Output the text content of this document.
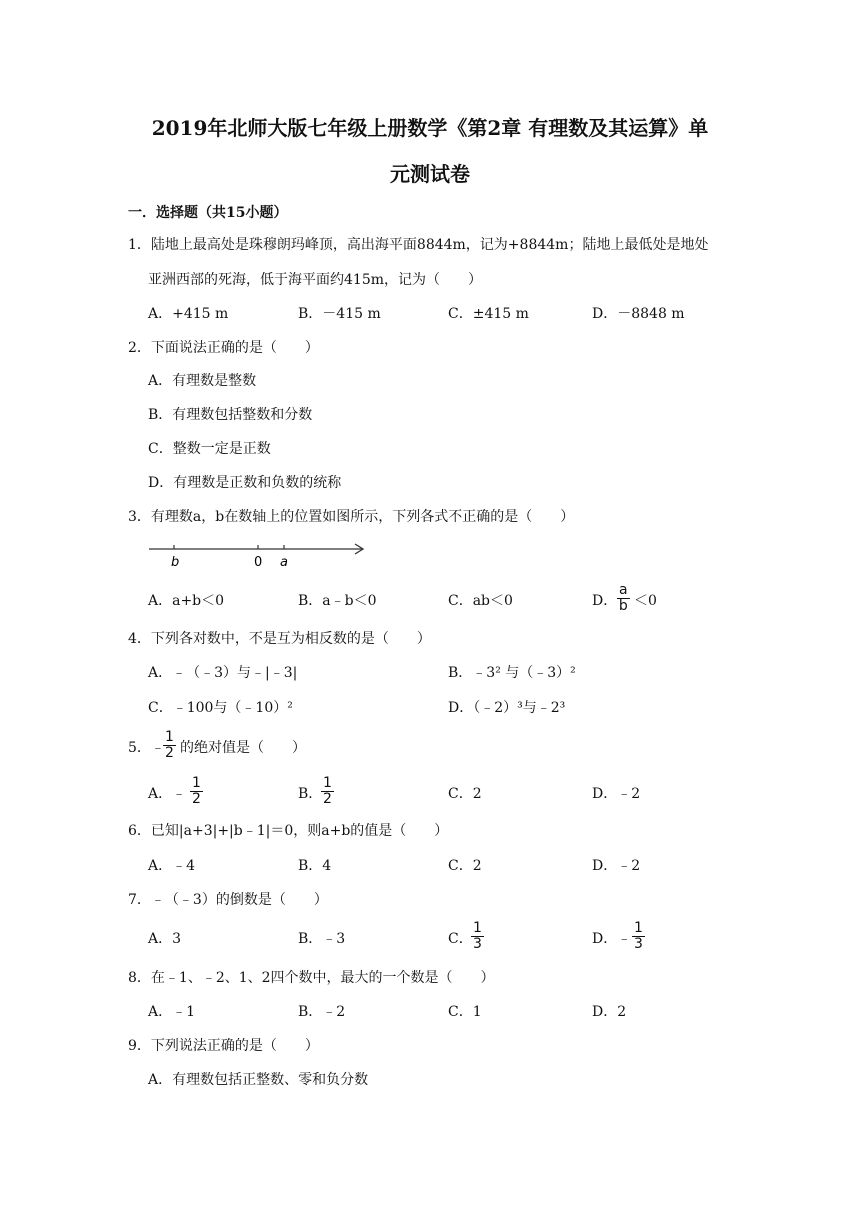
2019年北师大版七年级上册数学《第2章 有理数及其运算》单
元测试卷
一．选择题（共15小题）
1．陆地上最高处是珠穆朗玛峰顶，高出海平面8844m，记为+8844m；陆地上最低处是地处
亚洲西部的死海，低于海平面约415m，记为（　　）
A．+415 m	B．－415 m	C．±415 m	D．－8848 m
2．下面说法正确的是（　　）
A．有理数是整数
B．有理数包括整数和分数
C．整数一定是正数
D．有理数是正数和负数的统称
3．有理数a，b在数轴上的位置如图所示，下列各式不正确的是（　　）
b	0 a
A．a+b＜0	B．a﹣b＜0	C．ab＜0	D． $\frac{a}{b} <0$
4．下列各对数中，不是互为相反数的是（　　）
A．﹣（﹣3）与﹣|﹣3|	B．﹣3² 与（﹣3）²
C．﹣100与（﹣10）²	D．（﹣2）³与﹣2³
5．﹣
$\frac{1}{2}$ 的绝对值是（　　）
A．﹣ $\frac{1}{2}$	B．
$\frac{1}{2}$	C．2	D．﹣2
6．已知|a+3|+|b﹣1|＝0，则a+b的值是（　　）
A．﹣4	B．4	C．2	D．﹣2
7．﹣（﹣3）的倒数是（　　）
A．3	B．﹣3	C．
$\frac{1}{3}$	D．﹣ $\frac{1}{3}$
8．在﹣1、﹣2、1、2四个数中，最大的一个数是（　　）
A．﹣1	B．﹣2	C．1	D．2
9．下列说法正确的是（　　）
A．有理数包括正整数、零和负分数
